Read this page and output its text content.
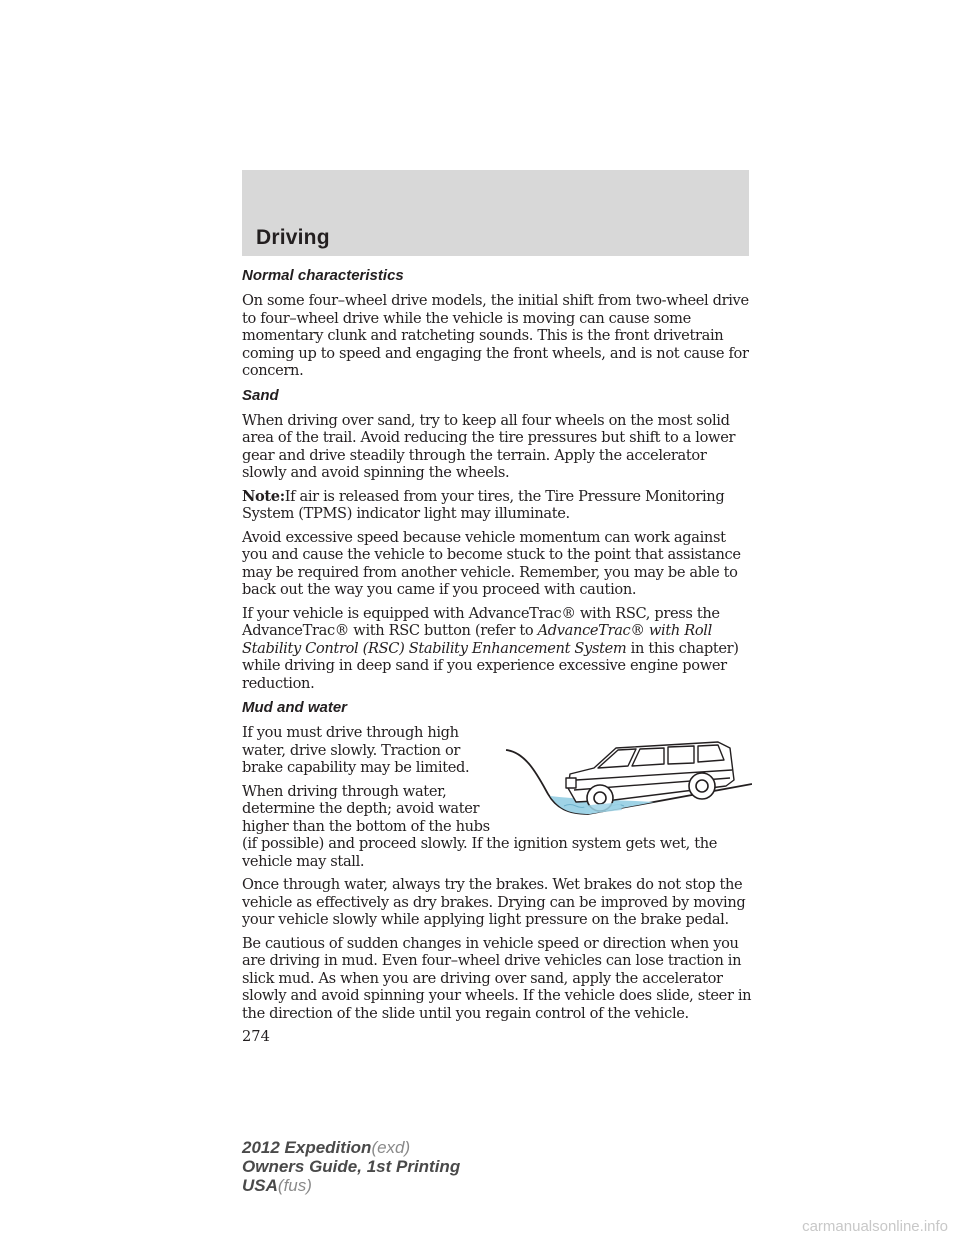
Driving
Normal characteristics

On some four–wheel drive models, the initial shift from two-wheel drive to four–wheel drive while the vehicle is moving can cause some momentary clunk and ratcheting sounds. This is the front drivetrain coming up to speed and engaging the front wheels, and is not cause for concern.

Sand

When driving over sand, try to keep all four wheels on the most solid area of the trail. Avoid reducing the tire pressures but shift to a lower gear and drive steadily through the terrain. Apply the accelerator slowly and avoid spinning the wheels.

Note:If air is released from your tires, the Tire Pressure Monitoring System (TPMS) indicator light may illuminate.

Avoid excessive speed because vehicle momentum can work against you and cause the vehicle to become stuck to the point that assistance may be required from another vehicle. Remember, you may be able to back out the way you came if you proceed with caution.

If your vehicle is equipped with AdvanceTrac® with RSC, press the AdvanceTrac® with RSC button (refer to AdvanceTrac® with Roll Stability Control (RSC) Stability Enhancement System in this chapter) while driving in deep sand if you experience excessive engine power reduction.

Mud and water

If you must drive through high water, drive slowly. Traction or brake capability may be limited.

When driving through water, determine the depth; avoid water higher than the bottom of the hubs

(if possible) and proceed slowly. If the ignition system gets wet, the vehicle may stall.

Once through water, always try the brakes. Wet brakes do not stop the vehicle as effectively as dry brakes. Drying can be improved by moving your vehicle slowly while applying light pressure on the brake pedal.

Be cautious of sudden changes in vehicle speed or direction when you are driving in mud. Even four–wheel drive vehicles can lose traction in slick mud. As when you are driving over sand, apply the accelerator slowly and avoid spinning your wheels. If the vehicle does slide, steer in the direction of the slide until you regain control of the vehicle.

274
2012 Expedition(exd)
Owners Guide, 1st Printing
USA(fus)
carmanualsonline.info
